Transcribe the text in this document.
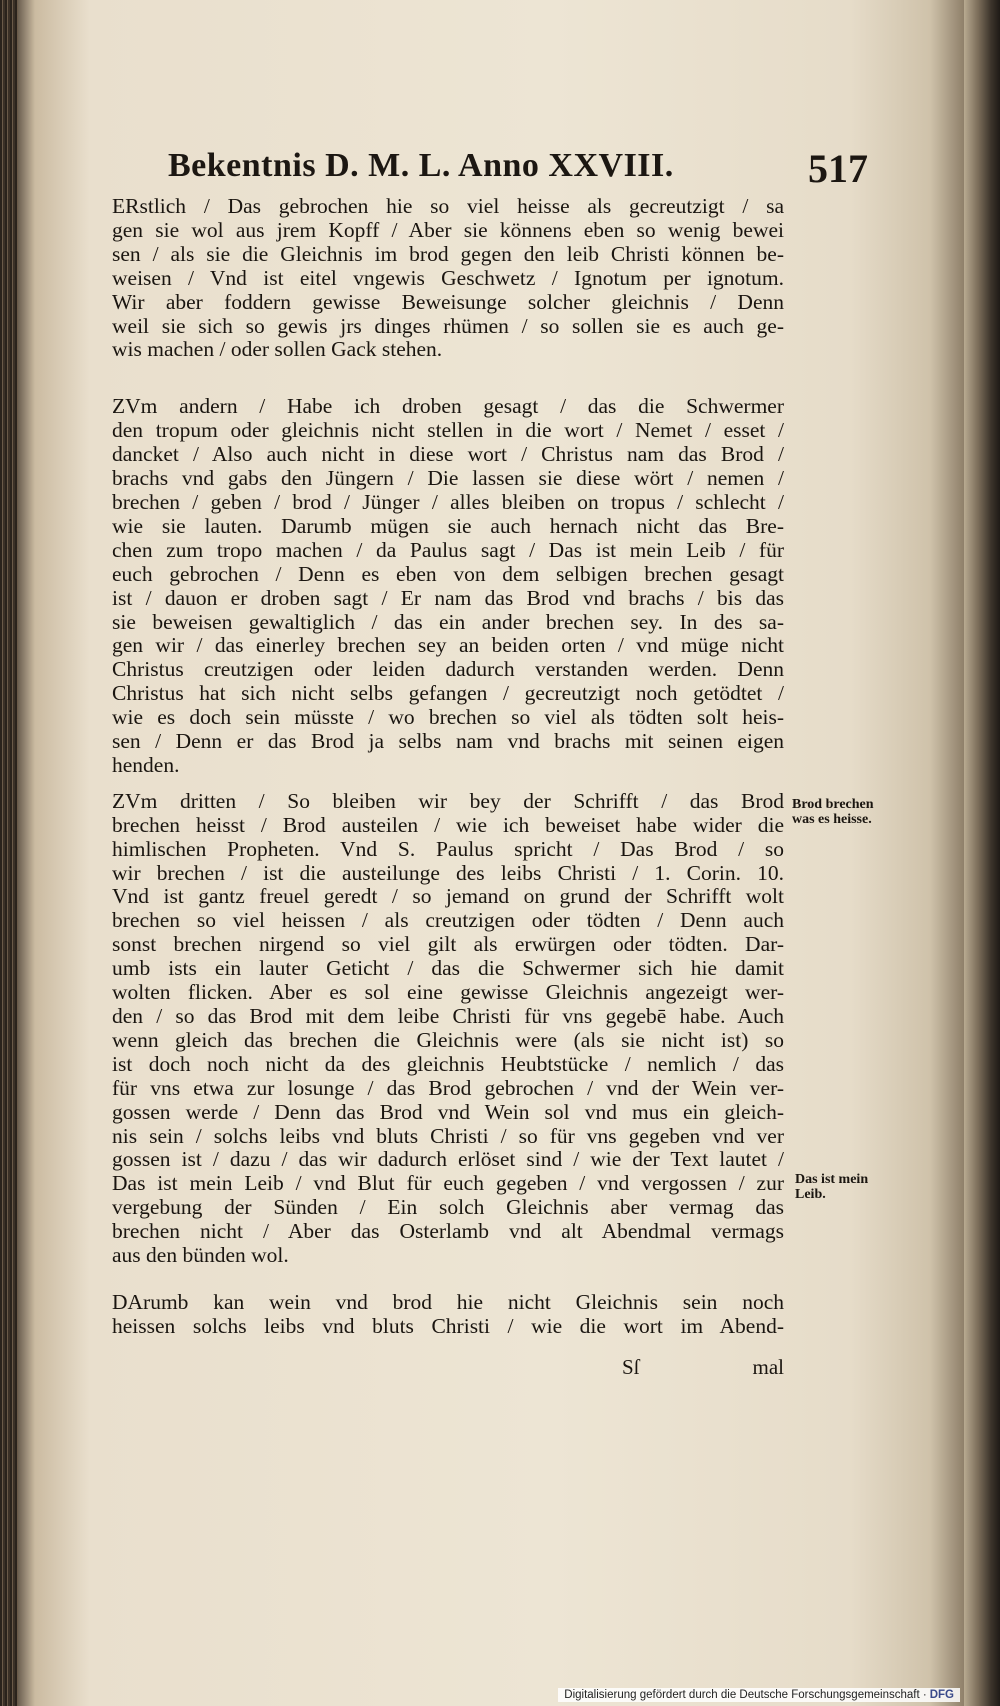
Bekentnis D. M. L. Anno XXVIII.	517
ERstlich / Das gebrochen hie so viel heisse als gecreutzigt / sa
gen sie wol aus jrem Kopff / Aber sie könnens eben so wenig bewei
sen / als sie die Gleichnis im brod gegen den leib Christi können be-
weisen / Vnd ist eitel vngewis Geschwetz / Ignotum per ignotum.
Wir aber foddern gewisse Beweisunge solcher gleichnis / Denn
weil sie sich so gewis jrs dinges rhümen / so sollen sie es auch ge-
wis machen / oder sollen Gack stehen.
ZVm andern / Habe ich droben gesagt / das die Schwermer
den tropum oder gleichnis nicht stellen in die wort / Nemet / esset /
dancket / Also auch nicht in diese wort / Christus nam das Brod /
brachs vnd gabs den Jüngern / Die lassen sie diese wört / nemen /
brechen / geben / brod / Jünger / alles bleiben on tropus / schlecht /
wie sie lauten. Darumb mügen sie auch hernach nicht das Bre-
chen zum tropo machen / da Paulus sagt / Das ist mein Leib / für
euch gebrochen / Denn es eben von dem selbigen brechen gesagt
ist / dauon er droben sagt / Er nam das Brod vnd brachs / bis das
sie beweisen gewaltiglich / das ein ander brechen sey. In des sa-
gen wir / das einerley brechen sey an beiden orten / vnd müge nicht
Christus creutzigen oder leiden dadurch verstanden werden. Denn
Christus hat sich nicht selbs gefangen / gecreutzigt noch getödtet /
wie es doch sein müsste / wo brechen so viel als tödten solt heis-
sen / Denn er das Brod ja selbs nam vnd brachs mit seinen eigen
henden.
ZVm dritten / So bleiben wir bey der Schrifft / das Brod
brechen heisst / Brod austeilen / wie ich beweiset habe wider die
himlischen Propheten. Vnd S. Paulus spricht / Das Brod / so
wir brechen / ist die austeilunge des leibs Christi / 1. Corin. 10.
Vnd ist gantz freuel geredt / so jemand on grund der Schrifft wolt
brechen so viel heissen / als creutzigen oder tödten / Denn auch
sonst brechen nirgend so viel gilt als erwürgen oder tödten. Dar-
umb ists ein lauter Geticht / das die Schwermer sich hie damit
wolten flicken. Aber es sol eine gewisse Gleichnis angezeigt wer-
den / so das Brod mit dem leibe Christi für vns gegebē habe. Auch
wenn gleich das brechen die Gleichnis were (als sie nicht ist) so
ist doch noch nicht da des gleichnis Heubtstücke / nemlich / das
für vns etwa zur losunge / das Brod gebrochen / vnd der Wein ver-
gossen werde / Denn das Brod vnd Wein sol vnd mus ein gleich-
nis sein / solchs leibs vnd bluts Christi / so für vns gegeben vnd ver
gossen ist / dazu / das wir dadurch erlöset sind / wie der Text lautet /
Das ist mein Leib / vnd Blut für euch gegeben / vnd vergossen / zur
vergebung der Sünden / Ein solch Gleichnis aber vermag das
brechen nicht / Aber das Osterlamb vnd alt Abendmal vermags
aus den bünden wol.
DArumb kan wein vnd brod hie nicht Gleichnis sein noch
heissen solchs leibs vnd bluts Christi / wie die wort im Abend-
Brod brechen
was es heisse.
Das ist mein
Leib.
Sſ	mal
Digitalisierung gefördert durch die Deutsche Forschungsgemeinschaft · DFG
